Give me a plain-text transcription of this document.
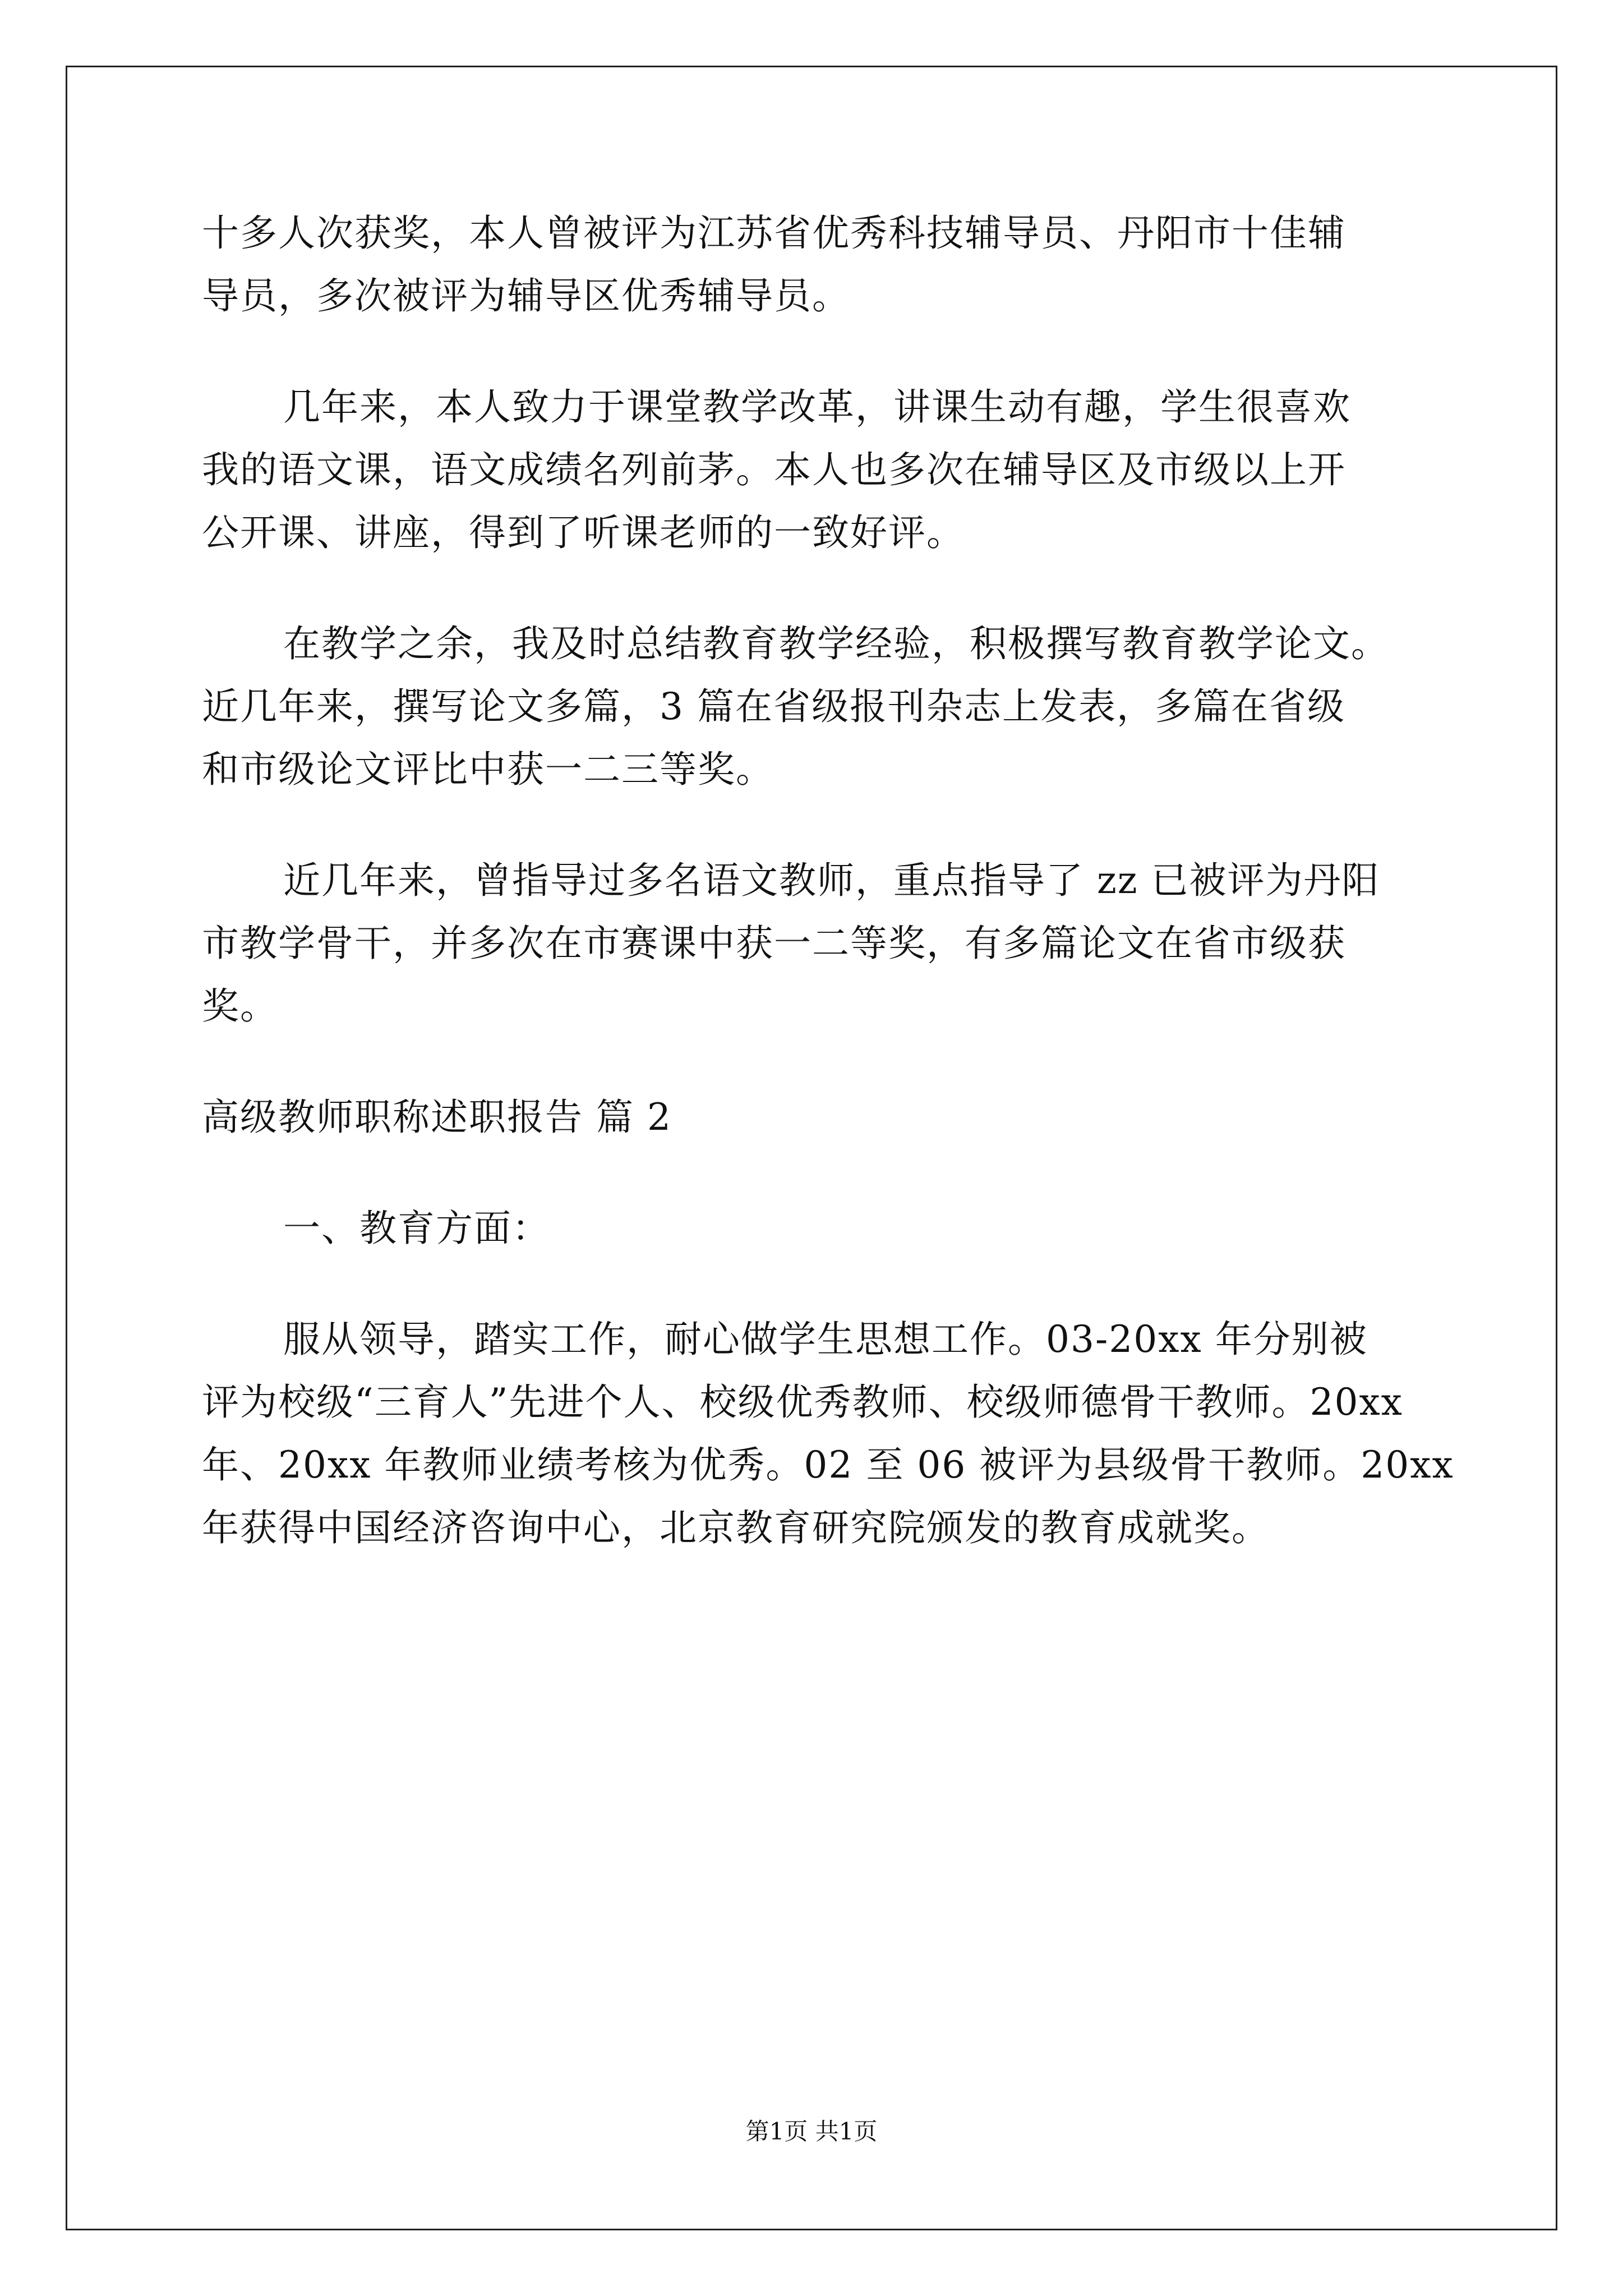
十多人次获奖，本人曾被评为江苏省优秀科技辅导员、丹阳市十佳辅
导员，多次被评为辅导区优秀辅导员。
几年来，本人致力于课堂教学改革，讲课生动有趣，学生很喜欢
我的语文课，语文成绩名列前茅。本人也多次在辅导区及市级以上开
公开课、讲座，得到了听课老师的一致好评。
在教学之余，我及时总结教育教学经验，积极撰写教育教学论文。
近几年来，撰写论文多篇，3 篇在省级报刊杂志上发表，多篇在省级
和市级论文评比中获一二三等奖。
近几年来，曾指导过多名语文教师，重点指导了 zz 已被评为丹阳
市教学骨干，并多次在市赛课中获一二等奖，有多篇论文在省市级获
奖。
高级教师职称述职报告 篇 2
一、教育方面：
服从领导，踏实工作，耐心做学生思想工作。03-20xx 年分别被
评为校级“三育人”先进个人、校级优秀教师、校级师德骨干教师。20xx
年、20xx 年教师业绩考核为优秀。02 至 06 被评为县级骨干教师。20xx
年获得中国经济咨询中心，北京教育研究院颁发的教育成就奖。
第1页 共1页
